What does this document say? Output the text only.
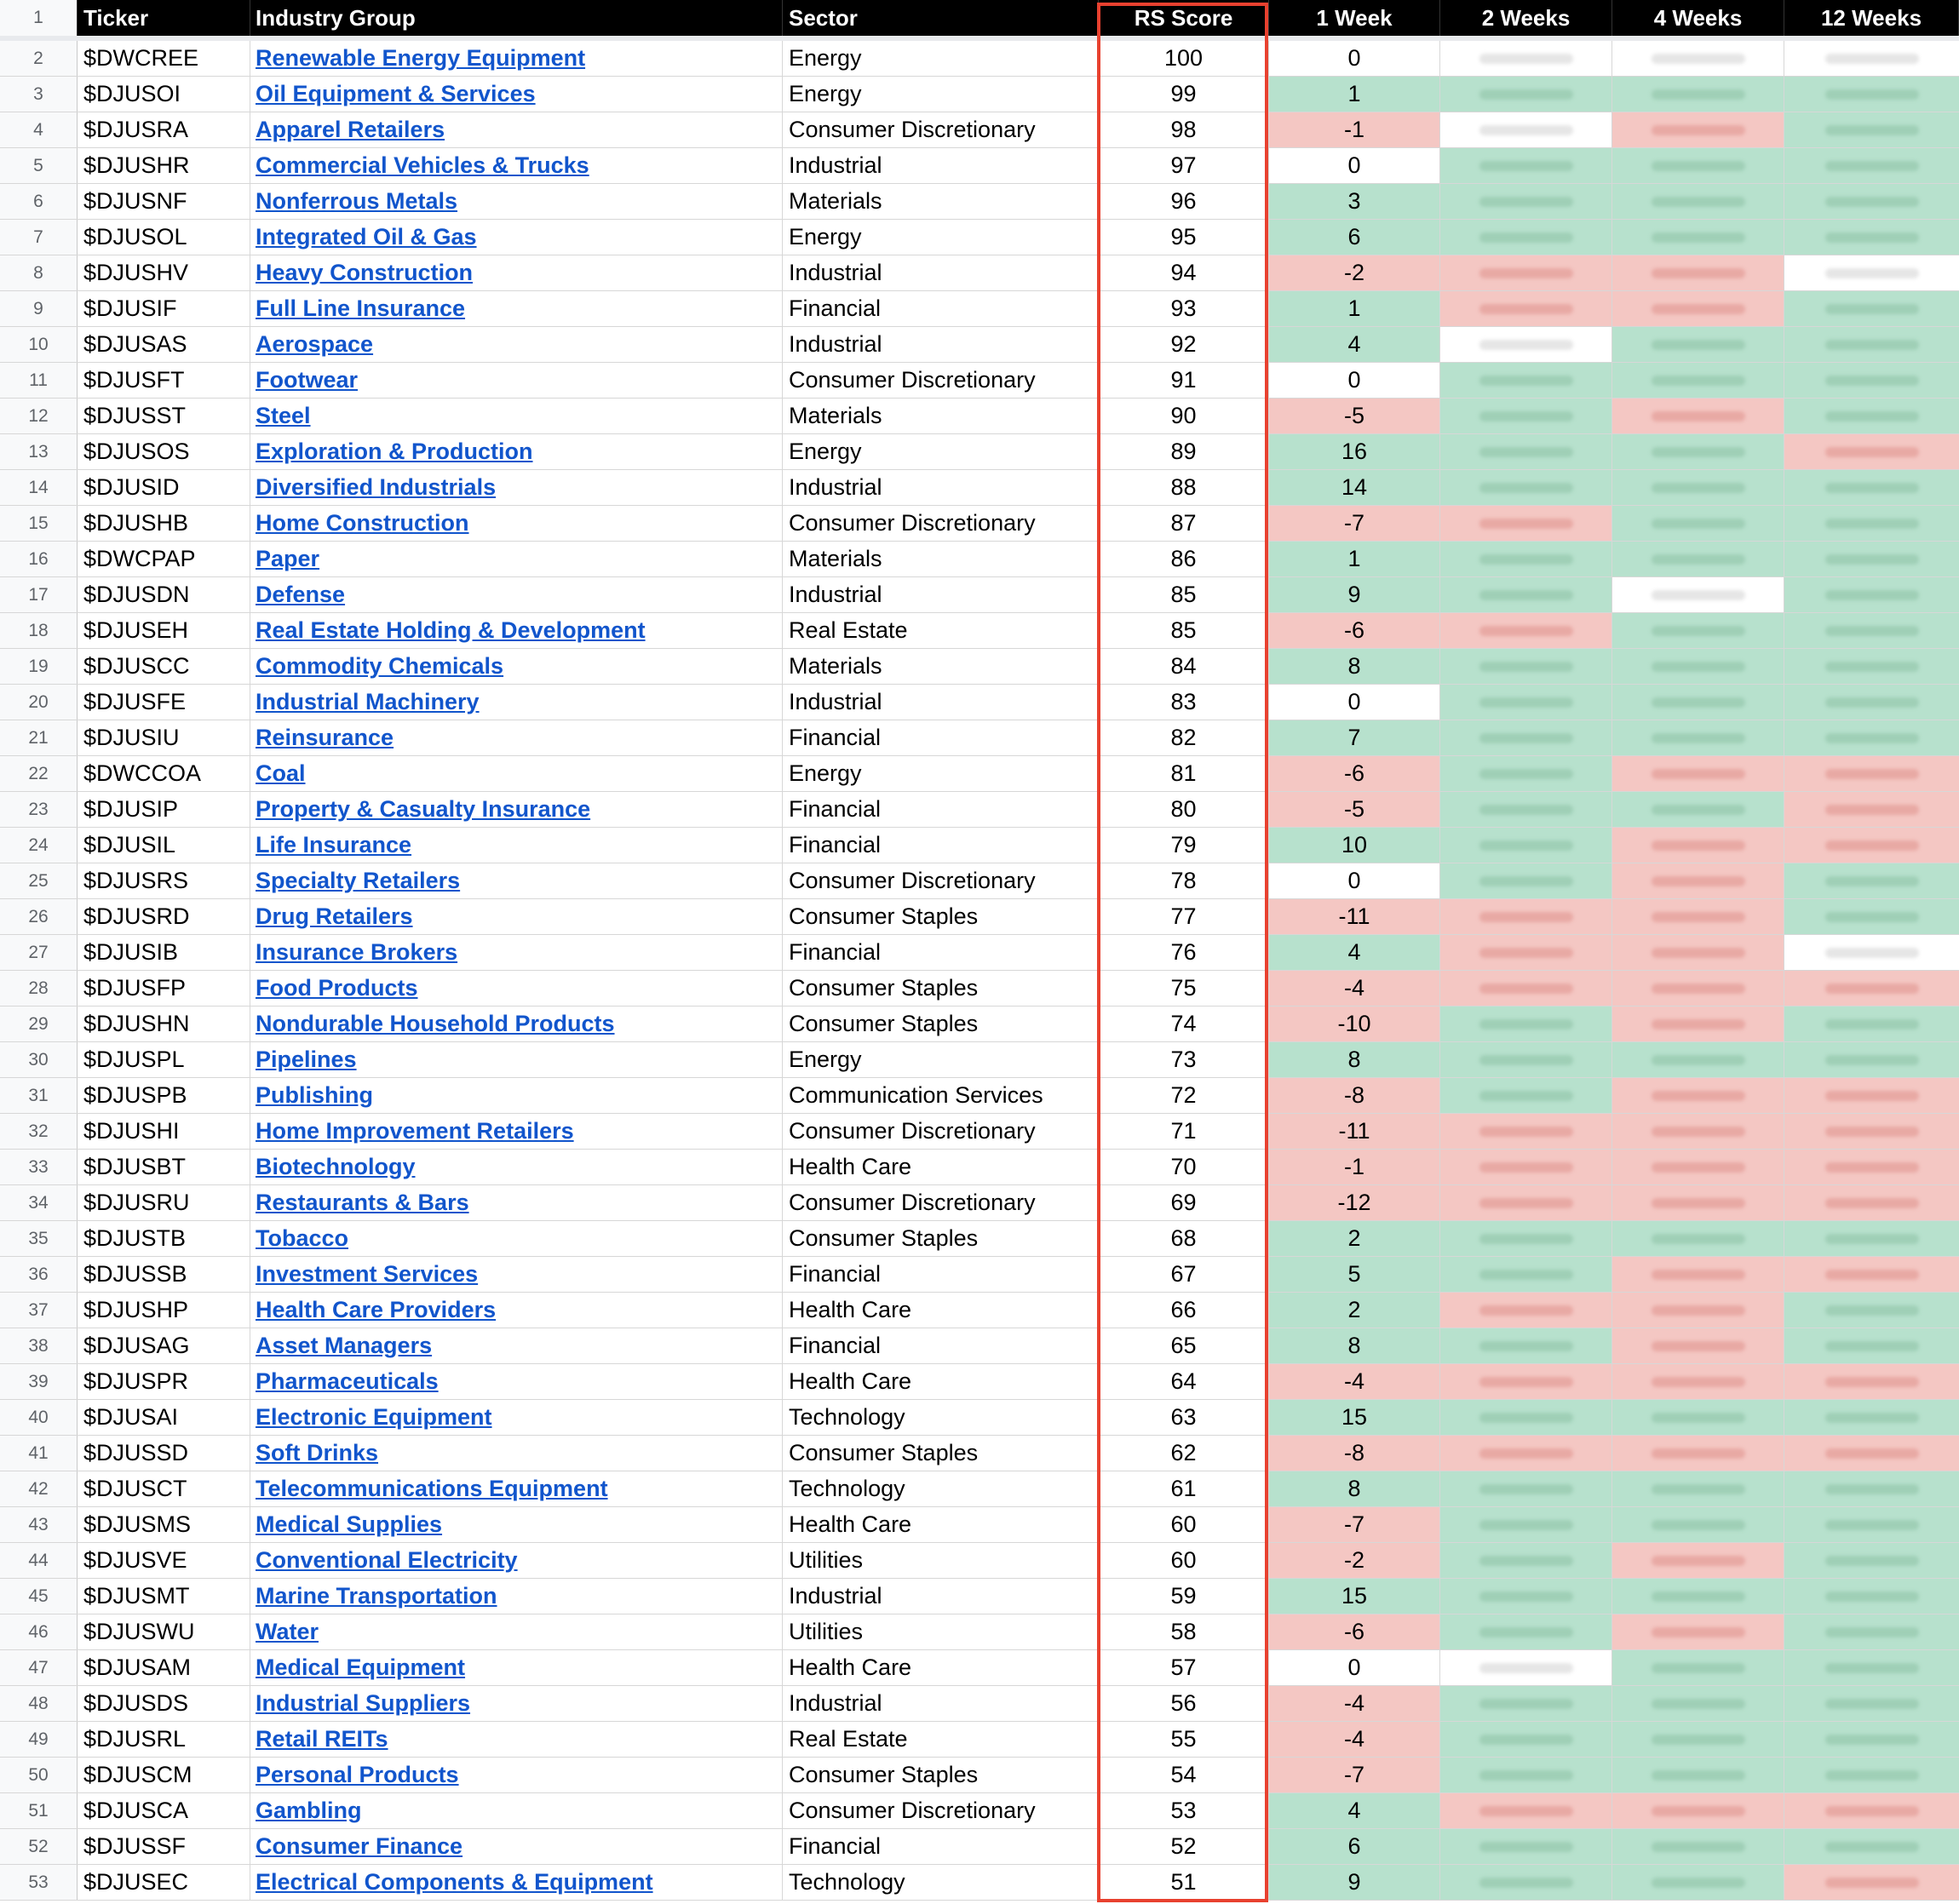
1	Ticker	Industry Group	Sector	RS Score	1 Week	2 Weeks	4 Weeks	12 Weeks
2	$DWCREE	Renewable Energy Equipment	Energy	100	0
3	$DJUSOI	Oil Equipment & Services	Energy	99	1
4	$DJUSRA	Apparel Retailers	Consumer Discretionary	98	-1
5	$DJUSHR	Commercial Vehicles & Trucks	Industrial	97	0
6	$DJUSNF	Nonferrous Metals	Materials	96	3
7	$DJUSOL	Integrated Oil & Gas	Energy	95	6
8	$DJUSHV	Heavy Construction	Industrial	94	-2
9	$DJUSIF	Full Line Insurance	Financial	93	1
10	$DJUSAS	Aerospace	Industrial	92	4
11	$DJUSFT	Footwear	Consumer Discretionary	91	0
12	$DJUSST	Steel	Materials	90	-5
13	$DJUSOS	Exploration & Production	Energy	89	16
14	$DJUSID	Diversified Industrials	Industrial	88	14
15	$DJUSHB	Home Construction	Consumer Discretionary	87	-7
16	$DWCPAP	Paper	Materials	86	1
17	$DJUSDN	Defense	Industrial	85	9
18	$DJUSEH	Real Estate Holding & Development	Real Estate	85	-6
19	$DJUSCC	Commodity Chemicals	Materials	84	8
20	$DJUSFE	Industrial Machinery	Industrial	83	0
21	$DJUSIU	Reinsurance	Financial	82	7
22	$DWCCOA	Coal	Energy	81	-6
23	$DJUSIP	Property & Casualty Insurance	Financial	80	-5
24	$DJUSIL	Life Insurance	Financial	79	10
25	$DJUSRS	Specialty Retailers	Consumer Discretionary	78	0
26	$DJUSRD	Drug Retailers	Consumer Staples	77	-11
27	$DJUSIB	Insurance Brokers	Financial	76	4
28	$DJUSFP	Food Products	Consumer Staples	75	-4
29	$DJUSHN	Nondurable Household Products	Consumer Staples	74	-10
30	$DJUSPL	Pipelines	Energy	73	8
31	$DJUSPB	Publishing	Communication Services	72	-8
32	$DJUSHI	Home Improvement Retailers	Consumer Discretionary	71	-11
33	$DJUSBT	Biotechnology	Health Care	70	-1
34	$DJUSRU	Restaurants & Bars	Consumer Discretionary	69	-12
35	$DJUSTB	Tobacco	Consumer Staples	68	2
36	$DJUSSB	Investment Services	Financial	67	5
37	$DJUSHP	Health Care Providers	Health Care	66	2
38	$DJUSAG	Asset Managers	Financial	65	8
39	$DJUSPR	Pharmaceuticals	Health Care	64	-4
40	$DJUSAI	Electronic Equipment	Technology	63	15
41	$DJUSSD	Soft Drinks	Consumer Staples	62	-8
42	$DJUSCT	Telecommunications Equipment	Technology	61	8
43	$DJUSMS	Medical Supplies	Health Care	60	-7
44	$DJUSVE	Conventional Electricity	Utilities	60	-2
45	$DJUSMT	Marine Transportation	Industrial	59	15
46	$DJUSWU	Water	Utilities	58	-6
47	$DJUSAM	Medical Equipment	Health Care	57	0
48	$DJUSDS	Industrial Suppliers	Industrial	56	-4
49	$DJUSRL	Retail REITs	Real Estate	55	-4
50	$DJUSCM	Personal Products	Consumer Staples	54	-7
51	$DJUSCA	Gambling	Consumer Discretionary	53	4
52	$DJUSSF	Consumer Finance	Financial	52	6
53	$DJUSEC	Electrical Components & Equipment	Technology	51	9
